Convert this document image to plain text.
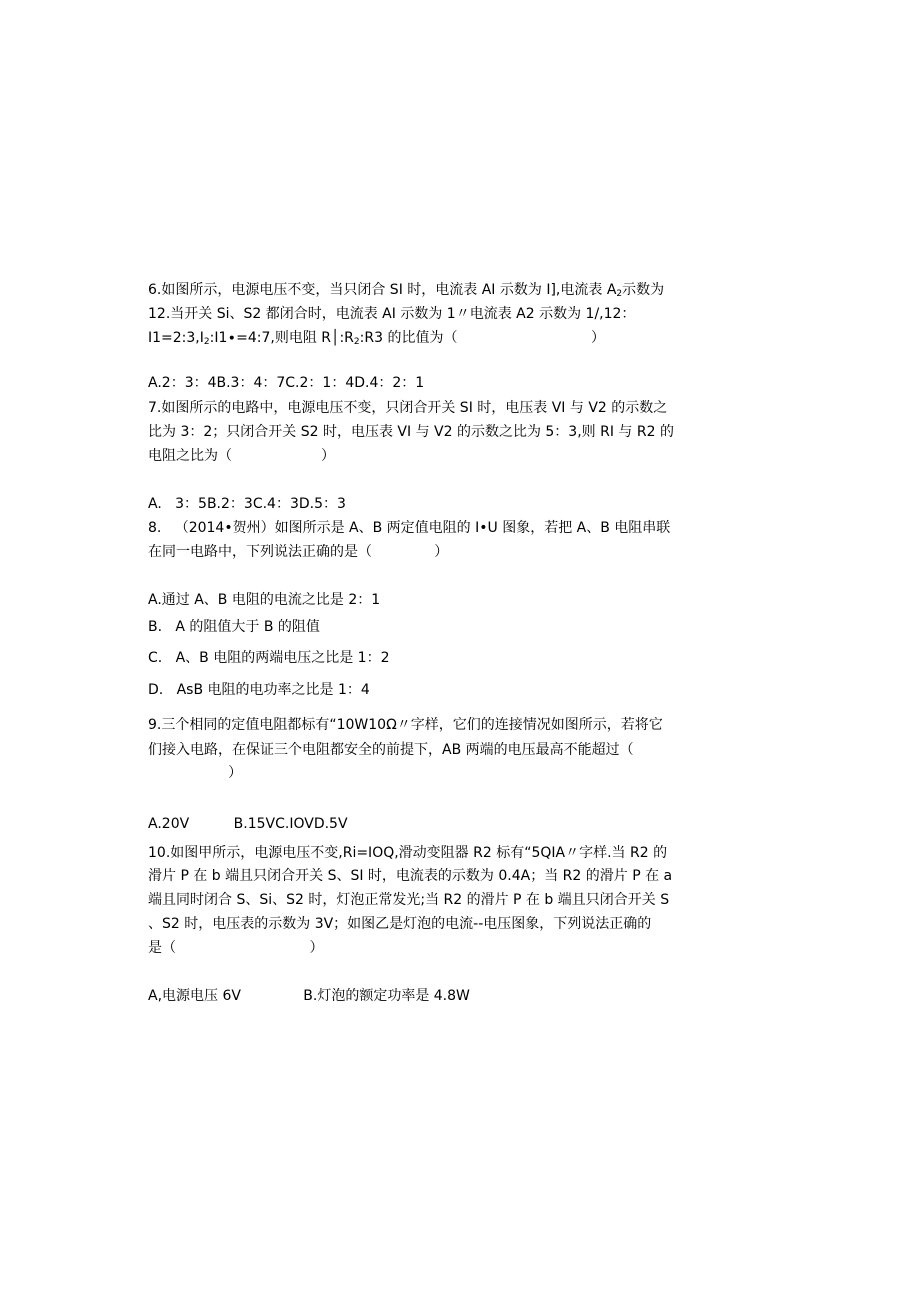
6.如图所示，电源电压不变，当只闭合 SI 时，电流表 AI 示数为 I],电流表 $A_2$示数为
12.当开关 Si、S2 都闭合时，电流表 AI 示数为 1〃电流表 A2 示数为 1/,12：
$I1=2:3,I_2:I1\cdot=4:7$,则电阻 $R│:R_2:R3$ 的比值为（                              ）
A.2：3：4B.3：4：7C.2：1：4D.4：2：1
7.如图所示的电路中，电源电压不变，只闭合开关 SI 时，电压表 VI 与 V2 的示数之
比为 3：2；只闭合开关 S2 时，电压表 VI 与 V2 的示数之比为 5：3,则 RI 与 R2 的
电阻之比为（                    ）
A.   3：5B.2：3C.4：3D.5：3
8.   （2014•贺州）如图所示是 A、B 两定值电阻的 I•U 图象，若把 A、B 电阻串联
在同一电路中，下列说法正确的是（              ）
A.通过 A、B 电阻的电流之比是 2：1
B.   A 的阻值大于 B 的阻值
C.   A、B 电阻的两端电压之比是 1：2
D.   AsB 电阻的电功率之比是 1：4
9.三个相同的定值电阻都标有“10W10Ω〃字样，它们的连接情况如图所示，若将它
们接入电路，在保证三个电阻都安全的前提下，AB 两端的电压最高不能超过（
）
A.20V          B.15VC.IOVD.5V
10.如图甲所示，电源电压不变,Ri=IOQ,滑动变阻器 R2 标有“5QIA〃字样.当 R2 的
滑片 P 在 b 端且只闭合开关 S、SI 时，电流表的示数为 0.4A；当 R2 的滑片 P 在 a
端且同时闭合 S、Si、S2 时，灯泡正常发光;当 R2 的滑片 P 在 b 端且只闭合开关 S
、S2 时，电压表的示数为 3V；如图乙是灯泡的电流--电压图象，下列说法正确的
是（                              ）
A,电源电压 6V              B.灯泡的额定功率是 4.8W
